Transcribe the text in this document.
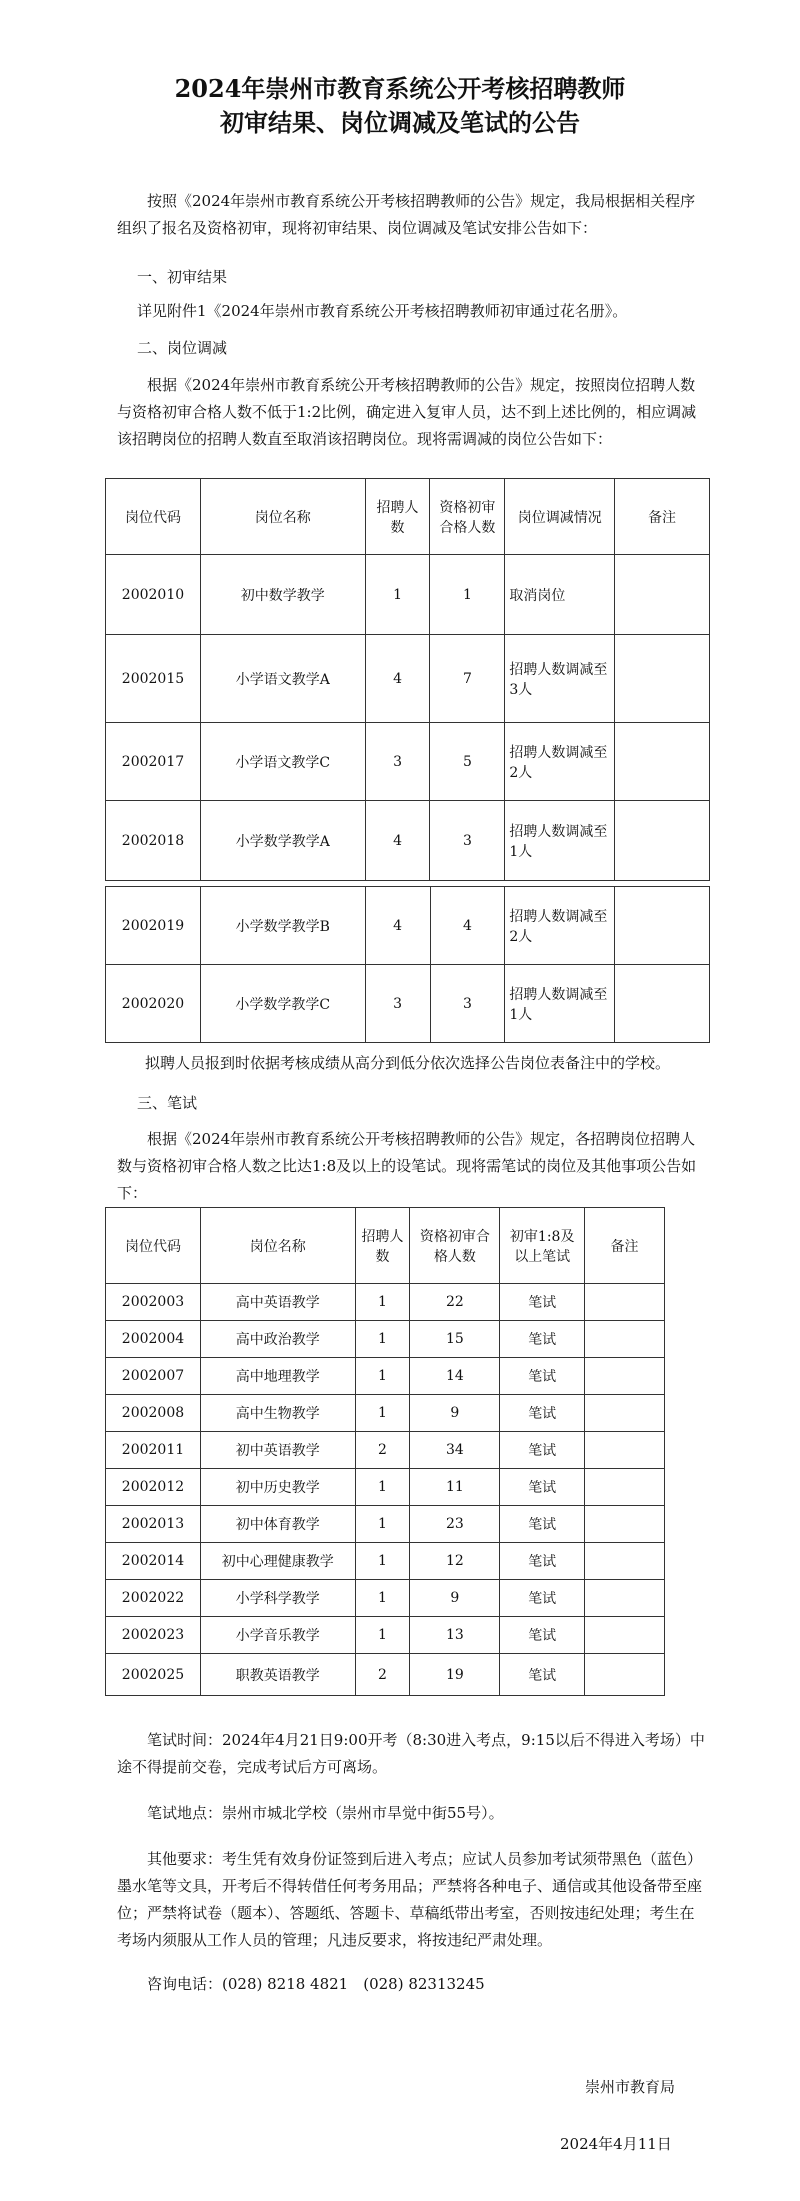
2024年崇州市教育系统公开考核招聘教师
初审结果、岗位调减及笔试的公告
按照《2024年崇州市教育系统公开考核招聘教师的公告》规定，我局根据相关程序组织了报名及资格初审，现将初审结果、岗位调减及笔试安排公告如下：
一、初审结果
详见附件1《2024年崇州市教育系统公开考核招聘教师初审通过花名册》。
二、岗位调减
根据《2024年崇州市教育系统公开考核招聘教师的公告》规定，按照岗位招聘人数与资格初审合格人数不低于1:2比例，确定进入复审人员，达不到上述比例的，相应调减该招聘岗位的招聘人数直至取消该招聘岗位。现将需调减的岗位公告如下：
岗位代码	岗位名称	招聘人数	资格初审合格人数	岗位调减情况	备注
2002010	初中数学教学	1	1	取消岗位	
2002015	小学语文教学A	4	7	招聘人数调减至3人	
2002017	小学语文教学C	3	5	招聘人数调减至2人	
2002018	小学数学教学A	4	3	招聘人数调减至1人	
2002019	小学数学教学B	4	4	招聘人数调减至2人	
2002020	小学数学教学C	3	3	招聘人数调减至1人	
拟聘人员报到时依据考核成绩从高分到低分依次选择公告岗位表备注中的学校。
三、笔试
根据《2024年崇州市教育系统公开考核招聘教师的公告》规定，各招聘岗位招聘人数与资格初审合格人数之比达1:8及以上的设笔试。现将需笔试的岗位及其他事项公告如下：
岗位代码	岗位名称	招聘人数	资格初审合格人数	初审1:8及以上笔试	备注
2002003	高中英语教学	1	22	笔试	
2002004	高中政治教学	1	15	笔试	
2002007	高中地理教学	1	14	笔试	
2002008	高中生物教学	1	9	笔试	
2002011	初中英语教学	2	34	笔试	
2002012	初中历史教学	1	11	笔试	
2002013	初中体育教学	1	23	笔试	
2002014	初中心理健康教学	1	12	笔试	
2002022	小学科学教学	1	9	笔试	
2002023	小学音乐教学	1	13	笔试	
2002025	职教英语教学	2	19	笔试	
笔试时间：2024年4月21日9:00开考（8:30进入考点，9:15以后不得进入考场）中途不得提前交卷，完成考试后方可离场。
笔试地点：崇州市城北学校（崇州市旱觉中街55号）。
其他要求：考生凭有效身份证签到后进入考点；应试人员参加考试须带黑色（蓝色）墨水笔等文具，开考后不得转借任何考务用品；严禁将各种电子、通信或其他设备带至座位；严禁将试卷（题本）、答题纸、答题卡、草稿纸带出考室，否则按违纪处理；考生在考场内须服从工作人员的管理；凡违反要求，将按违纪严肃处理。
咨询电话：(028) 8218 4821　(028) 82313245
崇州市教育局
2024年4月11日
